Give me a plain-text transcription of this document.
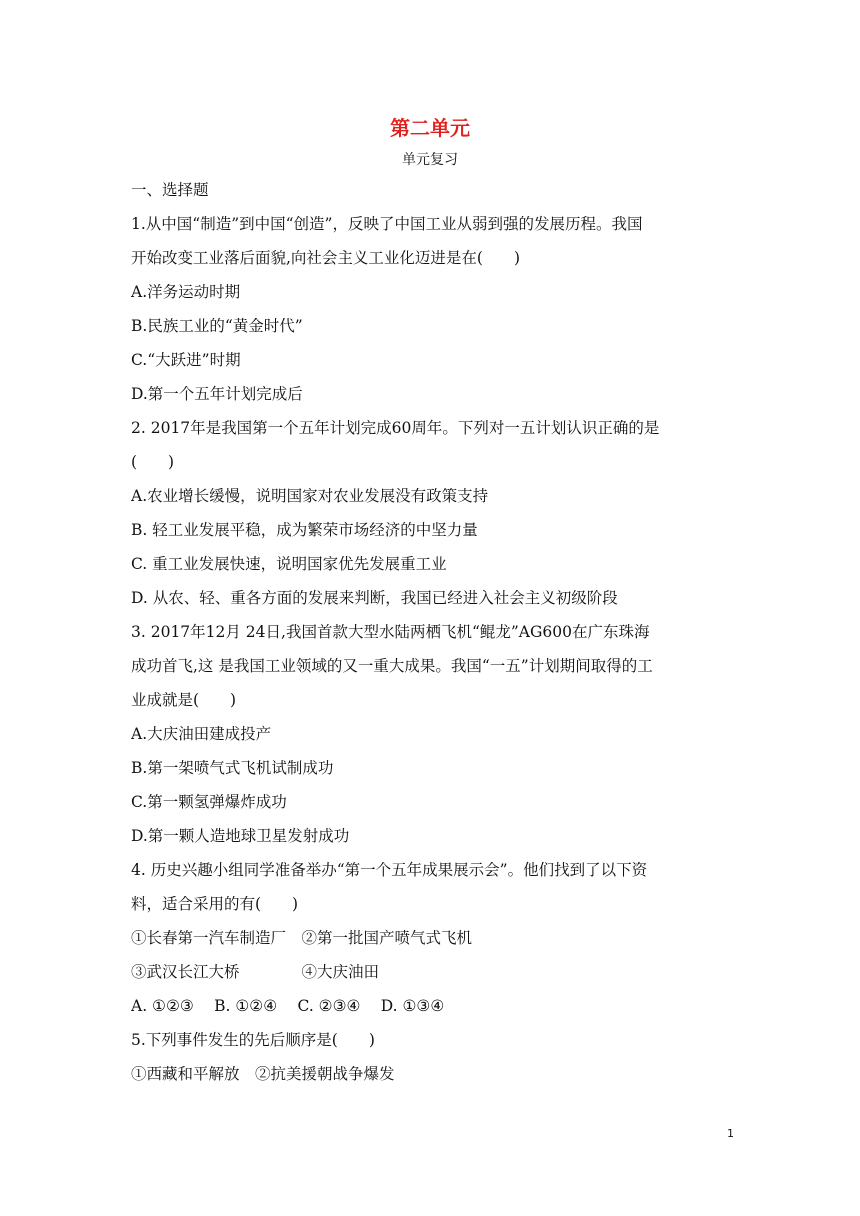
第二单元
单元复习
一、选择题
1.从中国“制造”到中国“创造”，反映了中国工业从弱到强的发展历程。我国
开始改变工业落后面貌,向社会主义工业化迈进是在(　　)
A.洋务运动时期
B.民族工业的“黄金时代”
C.“大跃进”时期
D.第一个五年计划完成后
2. 2017年是我国第一个五年计划完成60周年。下列对一五计划认识正确的是
(　　)
A.农业增长缓慢，说明国家对农业发展没有政策支持
B. 轻工业发展平稳，成为繁荣市场经济的中坚力量
C. 重工业发展快速，说明国家优先发展重工业
D. 从农、轻、重各方面的发展来判断，我国已经进入社会主义初级阶段
3. 2017年12月 24日,我国首款大型水陆两栖飞机“鲲龙”AG600在广东珠海
成功首飞,这 是我国工业领域的又一重大成果。我国“一五”计划期间取得的工
业成就是(　　)
A.大庆油田建成投产
B.第一架喷气式飞机试制成功
C.第一颗氢弹爆炸成功
D.第一颗人造地球卫星发射成功
4. 历史兴趣小组同学准备举办“第一个五年成果展示会”。他们找到了以下资
料，适合采用的有(　　)
①长春第一汽车制造厂　②第一批国产喷气式飞机
③武汉长江大桥　　　　④大庆油田
A. ①②③　 B. ①②④　 C. ②③④　 D. ①③④
5.下列事件发生的先后顺序是(　　)
①西藏和平解放　②抗美援朝战争爆发
1
